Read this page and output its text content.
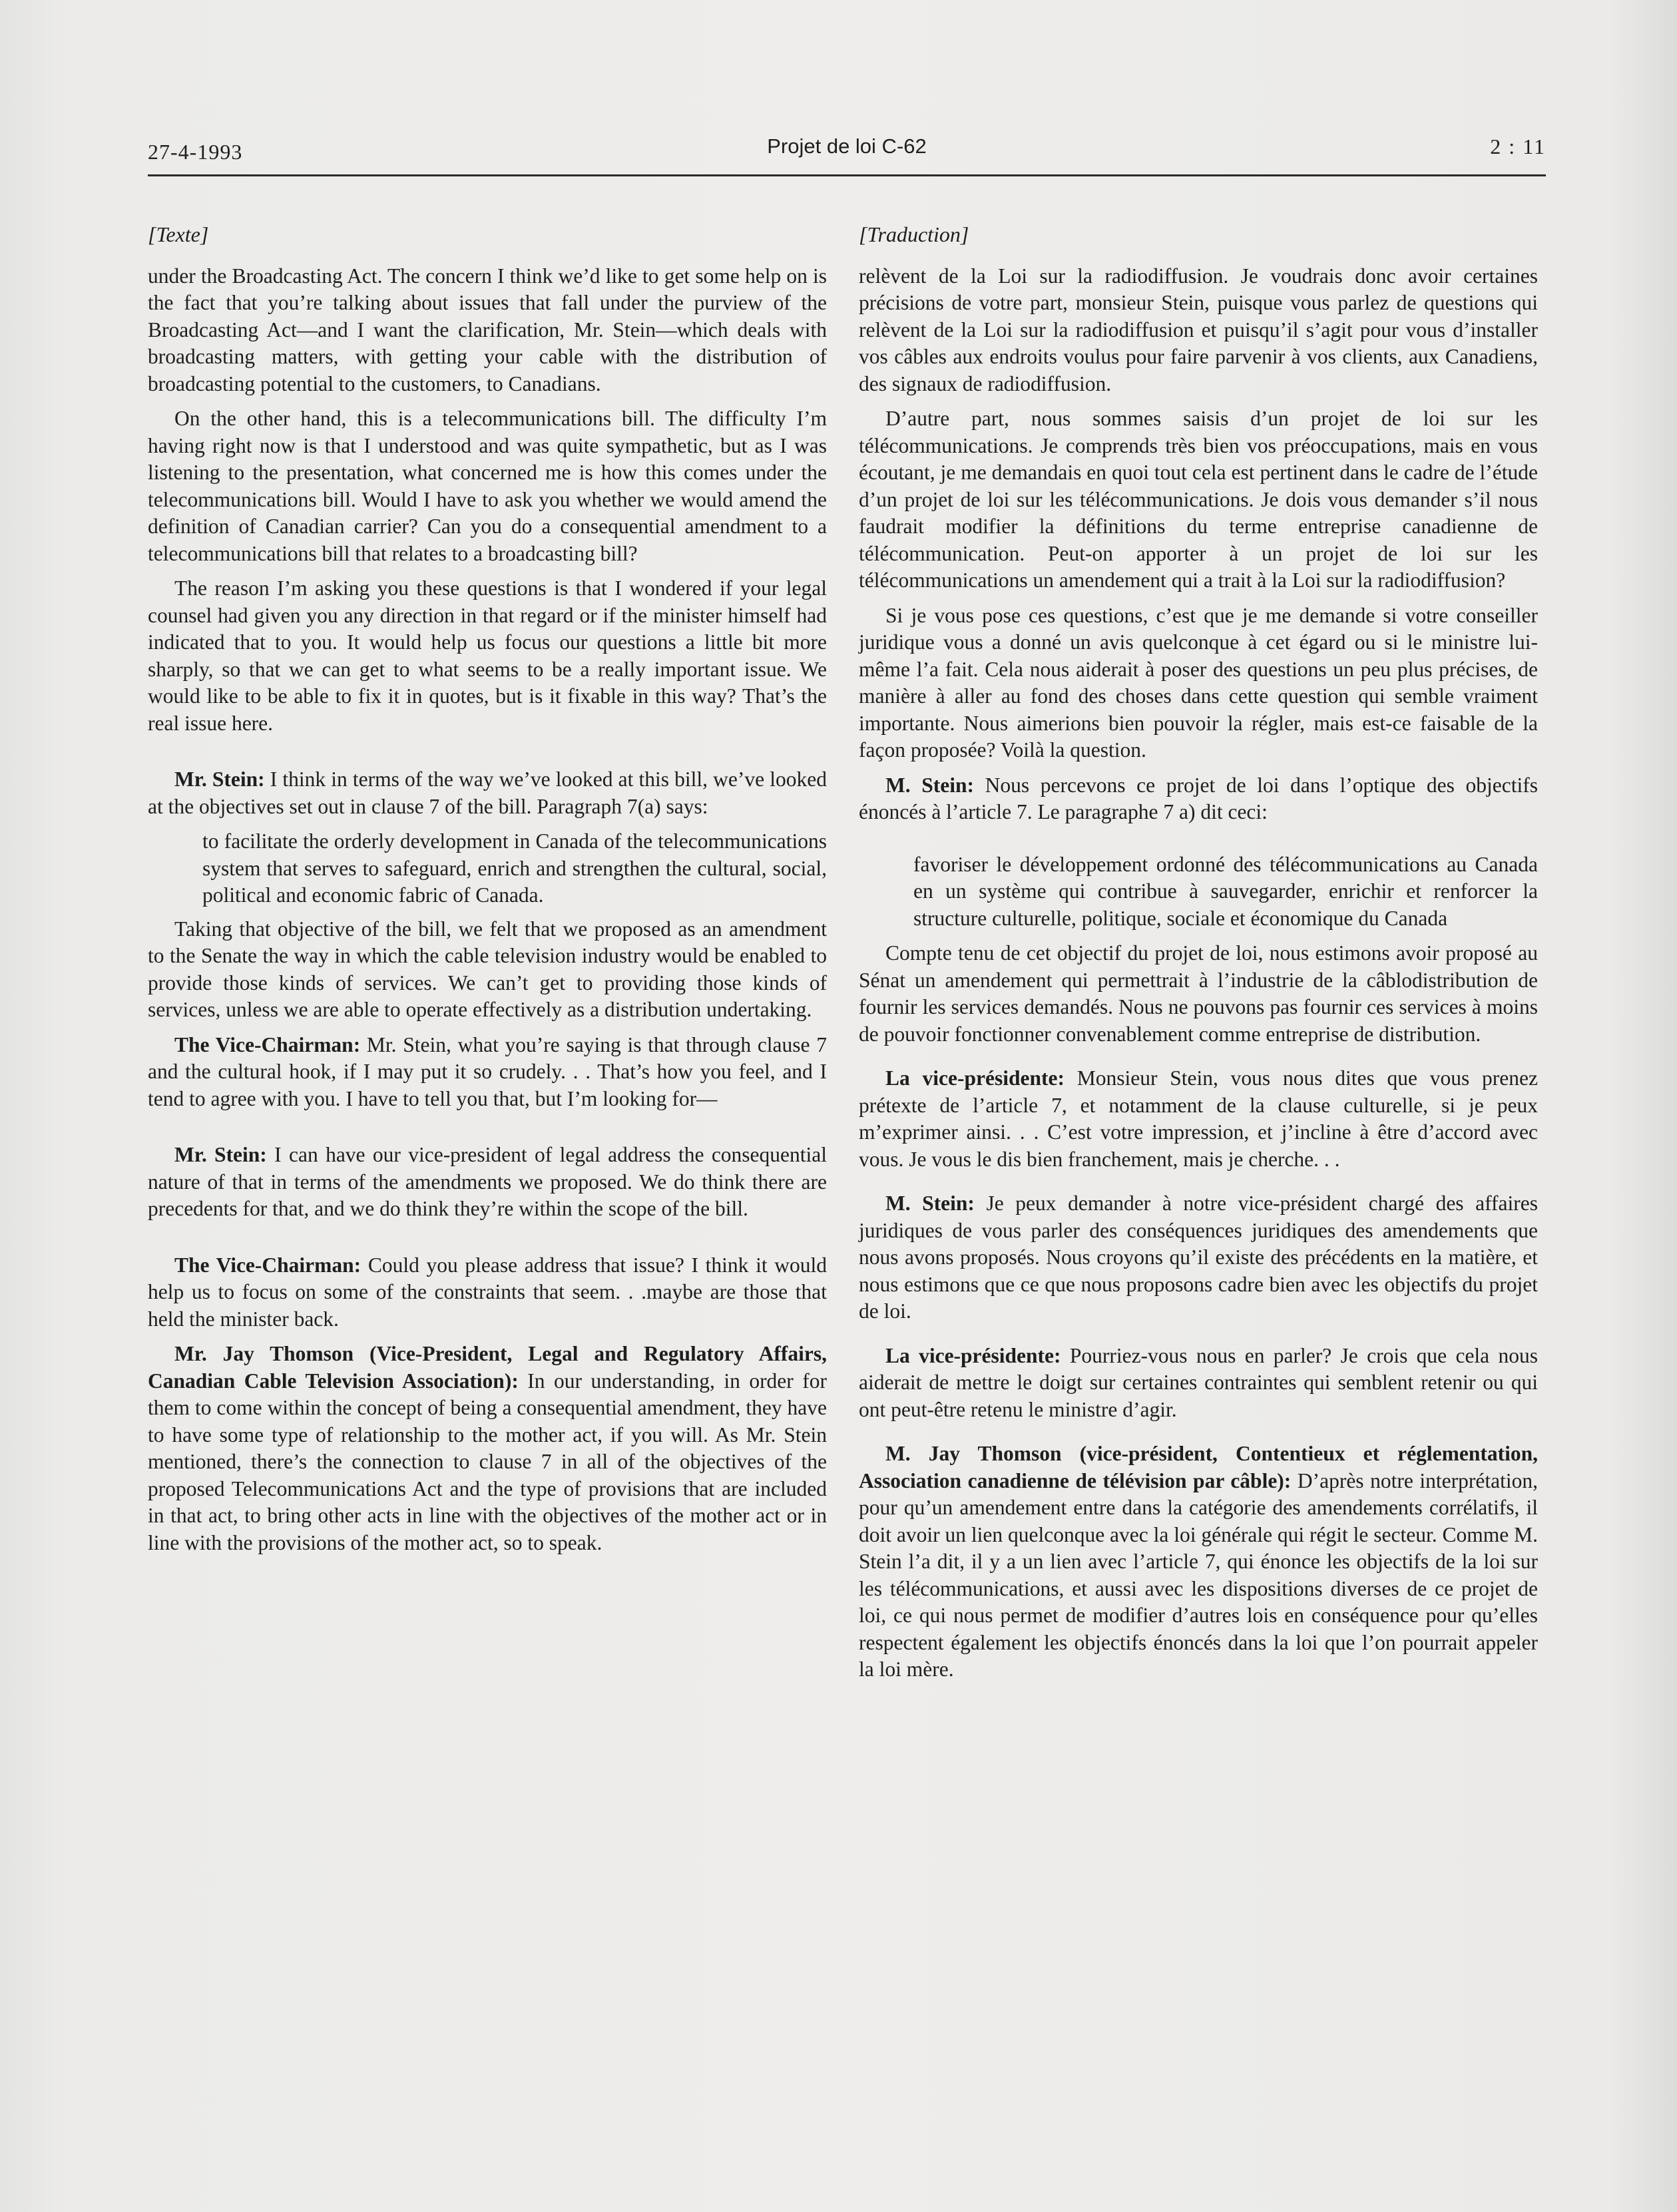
27-4-1993	Projet de loi C-62	2 : 11
[Texte]

under the Broadcasting Act. The concern I think we’d like to get some help on is the fact that you’re talking about issues that fall under the purview of the Broadcasting Act—and I want the clarification, Mr. Stein—which deals with broadcasting matters, with getting your cable with the distribution of broadcasting potential to the customers, to Canadians.

On the other hand, this is a telecommunications bill. The difficulty I’m having right now is that I understood and was quite sympathetic, but as I was listening to the presentation, what concerned me is how this comes under the telecommunications bill. Would I have to ask you whether we would amend the definition of Canadian carrier? Can you do a consequential amendment to a telecommunications bill that relates to a broadcasting bill?

The reason I’m asking you these questions is that I wondered if your legal counsel had given you any direction in that regard or if the minister himself had indicated that to you. It would help us focus our questions a little bit more sharply, so that we can get to what seems to be a really important issue. We would like to be able to fix it in quotes, but is it fixable in this way? That’s the real issue here.

Mr. Stein: I think in terms of the way we’ve looked at this bill, we’ve looked at the objectives set out in clause 7 of the bill. Paragraph 7(a) says:

to facilitate the orderly development in Canada of the telecommunications system that serves to safeguard, enrich and strengthen the cultural, social, political and economic fabric of Canada.

Taking that objective of the bill, we felt that we proposed as an amendment to the Senate the way in which the cable television industry would be enabled to provide those kinds of services. We can’t get to providing those kinds of services, unless we are able to operate effectively as a distribution undertaking.

The Vice-Chairman: Mr. Stein, what you’re saying is that through clause 7 and the cultural hook, if I may put it so crudely. . . That’s how you feel, and I tend to agree with you. I have to tell you that, but I’m looking for—

Mr. Stein: I can have our vice-president of legal address the consequential nature of that in terms of the amendments we proposed. We do think there are precedents for that, and we do think they’re within the scope of the bill.

The Vice-Chairman: Could you please address that issue? I think it would help us to focus on some of the constraints that seem. . .maybe are those that held the minister back.

Mr. Jay Thomson (Vice-President, Legal and Regulatory Affairs, Canadian Cable Television Association): In our understanding, in order for them to come within the concept of being a consequential amendment, they have to have some type of relationship to the mother act, if you will. As Mr. Stein mentioned, there’s the connection to clause 7 in all of the objectives of the proposed Telecommunications Act and the type of provisions that are included in that act, to bring other acts in line with the objectives of the mother act or in line with the provisions of the mother act, so to speak.

[Traduction]

relèvent de la Loi sur la radiodiffusion. Je voudrais donc avoir certaines précisions de votre part, monsieur Stein, puisque vous parlez de questions qui relèvent de la Loi sur la radiodiffusion et puisqu’il s’agit pour vous d’installer vos câbles aux endroits voulus pour faire parvenir à vos clients, aux Canadiens, des signaux de radiodiffusion.

D’autre part, nous sommes saisis d’un projet de loi sur les télécommunications. Je comprends très bien vos préoccupations, mais en vous écoutant, je me demandais en quoi tout cela est pertinent dans le cadre de l’étude d’un projet de loi sur les télécommunications. Je dois vous demander s’il nous faudrait modifier la définitions du terme entreprise canadienne de télécommunication. Peut-on apporter à un projet de loi sur les télécommunications un amendement qui a trait à la Loi sur la radiodiffusion?

Si je vous pose ces questions, c’est que je me demande si votre conseiller juridique vous a donné un avis quelconque à cet égard ou si le ministre lui-même l’a fait. Cela nous aiderait à poser des questions un peu plus précises, de manière à aller au fond des choses dans cette question qui semble vraiment importante. Nous aimerions bien pouvoir la régler, mais est-ce faisable de la façon proposée? Voilà la question.

M. Stein: Nous percevons ce projet de loi dans l’optique des objectifs énoncés à l’article 7. Le paragraphe 7 a) dit ceci:

favoriser le développement ordonné des télécommunications au Canada en un système qui contribue à sauvegarder, enrichir et renforcer la structure culturelle, politique, sociale et économique du Canada

Compte tenu de cet objectif du projet de loi, nous estimons avoir proposé au Sénat un amendement qui permettrait à l’industrie de la câblodistribution de fournir les services demandés. Nous ne pouvons pas fournir ces services à moins de pouvoir fonctionner convenablement comme entreprise de distribution.

La vice-présidente: Monsieur Stein, vous nous dites que vous prenez prétexte de l’article 7, et notamment de la clause culturelle, si je peux m’exprimer ainsi. . . C’est votre impression, et j’incline à être d’accord avec vous. Je vous le dis bien franchement, mais je cherche. . .

M. Stein: Je peux demander à notre vice-président chargé des affaires juridiques de vous parler des conséquences juridiques des amendements que nous avons proposés. Nous croyons qu’il existe des précédents en la matière, et nous estimons que ce que nous proposons cadre bien avec les objectifs du projet de loi.

La vice-présidente: Pourriez-vous nous en parler? Je crois que cela nous aiderait de mettre le doigt sur certaines contraintes qui semblent retenir ou qui ont peut-être retenu le ministre d’agir.

M. Jay Thomson (vice-président, Contentieux et réglementation, Association canadienne de télévision par câble): D’après notre interprétation, pour qu’un amendement entre dans la catégorie des amendements corrélatifs, il doit avoir un lien quelconque avec la loi générale qui régit le secteur. Comme M. Stein l’a dit, il y a un lien avec l’article 7, qui énonce les objectifs de la loi sur les télécommunications, et aussi avec les dispositions diverses de ce projet de loi, ce qui nous permet de modifier d’autres lois en conséquence pour qu’elles respectent également les objectifs énoncés dans la loi que l’on pourrait appeler la loi mère.
